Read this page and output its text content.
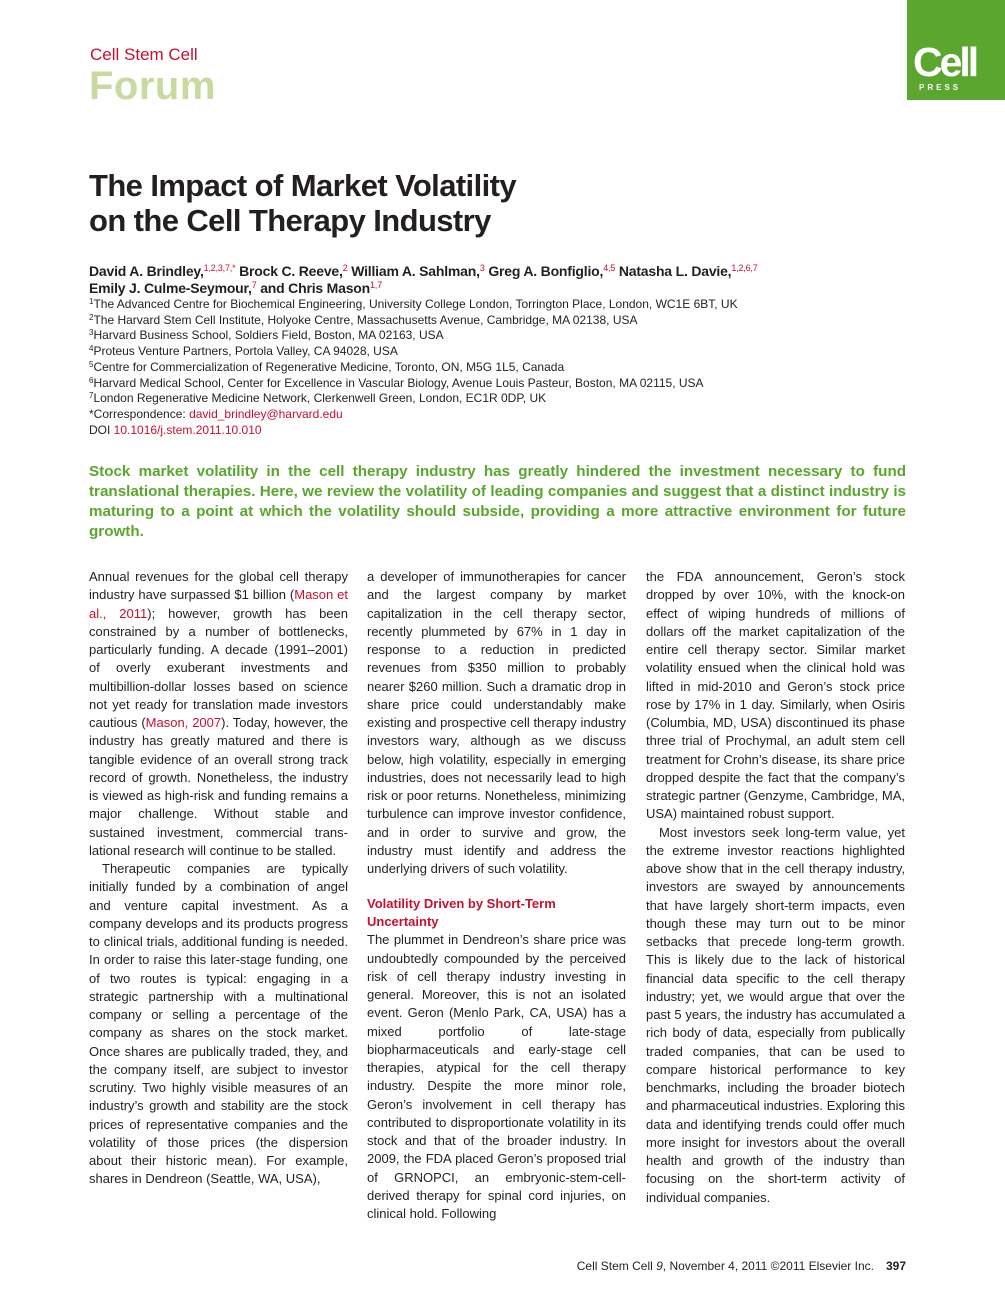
Cell Stem Cell
Forum
Cell
PRESS
The Impact of Market Volatility
on the Cell Therapy Industry
David A. Brindley,$^{1,2,3,7,*}$ Brock C. Reeve,$^2$ William A. Sahlman,$^3$ Greg A. Bonfiglio,$^{4,5}$ Natasha L. Davie,$^{1,2,6,7}$
Emily J. Culme-Seymour,$^7$ and Chris Mason$^{1,7}$
$^1$The Advanced Centre for Biochemical Engineering, University College London, Torrington Place, London, WC1E 6BT, UK
$^2$The Harvard Stem Cell Institute, Holyoke Centre, Massachusetts Avenue, Cambridge, MA 02138, USA
$^3$Harvard Business School, Soldiers Field, Boston, MA 02163, USA
$^4$Proteus Venture Partners, Portola Valley, CA 94028, USA
$^5$Centre for Commercialization of Regenerative Medicine, Toronto, ON, M5G 1L5, Canada
$^6$Harvard Medical School, Center for Excellence in Vascular Biology, Avenue Louis Pasteur, Boston, MA 02115, USA
$^7$London Regenerative Medicine Network, Clerkenwell Green, London, EC1R 0DP, UK
*Correspondence: david_brindley@harvard.edu
DOI 10.1016/j.stem.2011.10.010

Stock market volatility in the cell therapy industry has greatly hindered the investment necessary to fund translational therapies. Here, we review the volatility of leading companies and suggest that a distinct industry is maturing to a point at which the volatility should subside, providing a more attractive environment for future growth.

Annual revenues for the global cell therapy industry have surpassed $1 billion (Mason et al., 2011); however, growth has been constrained by a number of bottlenecks, particularly funding. A decade (1991–2001) of overly exuberant investments and multibillion-dollar losses based on science not yet ready for translation made investors cautious (Mason, 2007). Today, however, the industry has greatly matured and there is tangible evidence of an overall strong track record of growth. Nonetheless, the industry is viewed as high-risk and funding remains a major challenge. Without stable and sustained investment, commercial translational research will continue to be stalled.

Therapeutic companies are typically initially funded by a combination of angel and venture capital investment. As a company develops and its products progress to clinical trials, additional funding is needed. In order to raise this later-stage funding, one of two routes is typical: engaging in a strategic partnership with a multinational company or selling a percentage of the company as shares on the stock market. Once shares are publically traded, they, and the company itself, are subject to investor scrutiny. Two highly visible measures of an industry’s growth and stability are the stock prices of representative companies and the volatility of those prices (the dispersion about their historic mean). For example, shares in Dendreon (Seattle, WA, USA),

a developer of immunotherapies for cancer and the largest company by market capitalization in the cell therapy sector, recently plummeted by 67% in 1 day in response to a reduction in predicted revenues from $350 million to probably nearer $260 million. Such a dramatic drop in share price could understandably make existing and prospective cell therapy industry investors wary, although as we discuss below, high volatility, especially in emerging industries, does not necessarily lead to high risk or poor returns. Nonetheless, minimizing turbulence can improve investor confidence, and in order to survive and grow, the industry must identify and address the underlying drivers of such volatility.

Volatility Driven by Short-Term Uncertainty

The plummet in Dendreon’s share price was undoubtedly compounded by the perceived risk of cell therapy industry investing in general. Moreover, this is not an isolated event. Geron (Menlo Park, CA, USA) has a mixed portfolio of late-stage biopharmaceuticals and early-stage cell therapies, atypical for the cell therapy industry. Despite the more minor role, Geron’s involvement in cell therapy has contributed to disproportionate volatility in its stock and that of the broader industry. In 2009, the FDA placed Geron’s proposed trial of GRNOPCI, an embryonic-stem-cell-derived therapy for spinal cord injuries, on clinical hold. Following

the FDA announcement, Geron’s stock dropped by over 10%, with the knock-on effect of wiping hundreds of millions of dollars off the market capitalization of the entire cell therapy sector. Similar market volatility ensued when the clinical hold was lifted in mid-2010 and Geron’s stock price rose by 17% in 1 day. Similarly, when Osiris (Columbia, MD, USA) discontinued its phase three trial of Prochymal, an adult stem cell treatment for Crohn’s disease, its share price dropped despite the fact that the company’s strategic partner (Genzyme, Cambridge, MA, USA) maintained robust support.

Most investors seek long-term value, yet the extreme investor reactions highlighted above show that in the cell therapy industry, investors are swayed by announcements that have largely short-term impacts, even though these may turn out to be minor setbacks that precede long-term growth. This is likely due to the lack of historical financial data specific to the cell therapy industry; yet, we would argue that over the past 5 years, the industry has accumulated a rich body of data, especially from publically traded companies, that can be used to compare historical performance to key benchmarks, including the broader biotech and pharmaceutical industries. Exploring this data and identifying trends could offer much more insight for investors about the overall health and growth of the industry than focusing on the short-term activity of individual companies.

Cell Stem Cell 9, November 4, 2011 ©2011 Elsevier Inc. 397
